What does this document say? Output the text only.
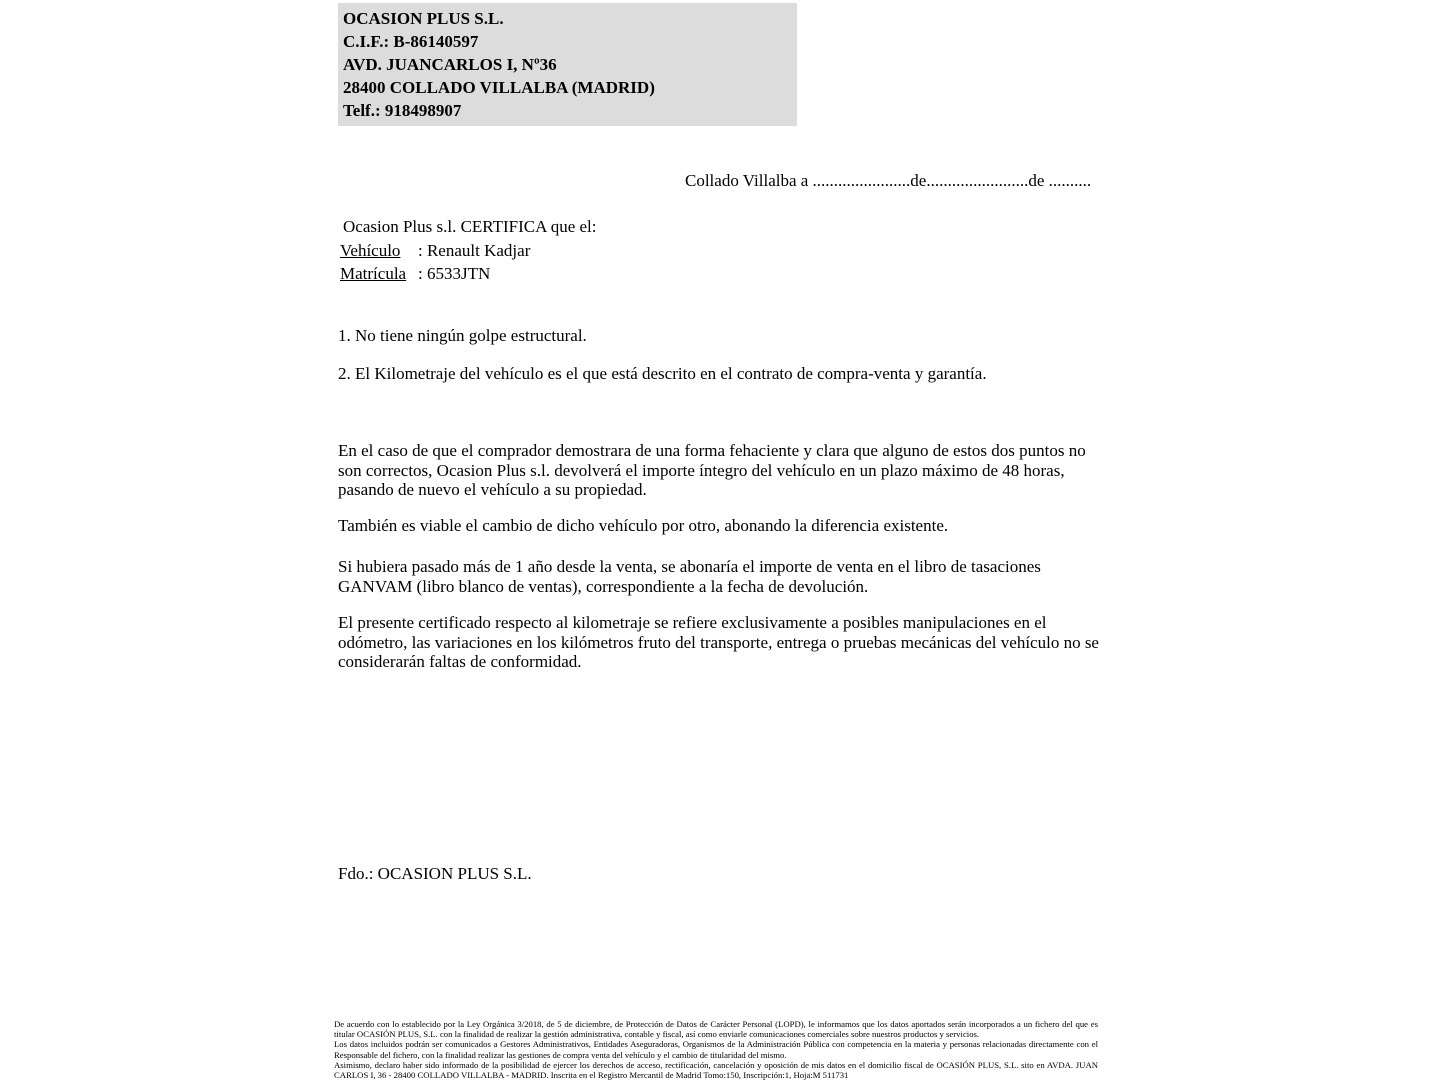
OCASION PLUS S.L.
C.I.F.: B-86140597
AVD. JUANCARLOS I, Nº36
28400 COLLADO VILLALBA (MADRID)
Telf.: 918498907
Collado Villalba a .......................de........................de ..........
Ocasion Plus s.l. CERTIFICA que el:
Vehículo : Renault Kadjar
Matrícula : 6533JTN
1. No tiene ningún golpe estructural.
2. El Kilometraje del vehículo es el que está descrito en el contrato de compra-venta y garantía.
En el caso de que el comprador demostrara de una forma fehaciente y clara que alguno de estos dos puntos no son correctos, Ocasion Plus s.l. devolverá el importe íntegro del vehículo en un plazo máximo de 48 horas, pasando de nuevo el vehículo a su propiedad.
También es viable el cambio de dicho vehículo por otro, abonando la diferencia existente.
Si hubiera pasado más de 1 año desde la venta, se abonaría el importe de venta en el libro de tasaciones GANVAM (libro blanco de ventas), correspondiente a la fecha de devolución.
El presente certificado respecto al kilometraje se refiere exclusivamente a posibles manipulaciones en el odómetro, las variaciones en los kilómetros fruto del transporte, entrega o pruebas mecánicas del vehículo no se considerarán faltas de conformidad.
Fdo.: OCASION PLUS S.L.

De acuerdo con lo establecido por la Ley Orgánica 3/2018, de 5 de diciembre, de Protección de Datos de Carácter Personal (LOPD), le informamos que los datos aportados serán incorporados a un fichero del que es titular OCASIÓN PLUS, S.L. con la finalidad de realizar la gestión administrativa, contable y fiscal, así como enviarle comunicaciones comerciales sobre nuestros productos y servicios.

Los datos incluidos podrán ser comunicados a Gestores Administrativos, Entidades Aseguradoras, Organismos de la Administración Pública con competencia en la materia y personas relacionadas directamente con el Responsable del fichero, con la finalidad realizar las gestiones de compra venta del vehículo y el cambio de titularidad del mismo.

Asimismo, declaro haber sido informado de la posibilidad de ejercer los derechos de acceso, rectificación, cancelación y oposición de mis datos en el domicilio fiscal de OCASIÓN PLUS, S.L. sito en AVDA. JUAN CARLOS I, 36 - 28400 COLLADO VILLALBA - MADRID. Inscrita en el Registro Mercantil de Madrid Tomo:150, Inscripción:1, Hoja:M 511731
